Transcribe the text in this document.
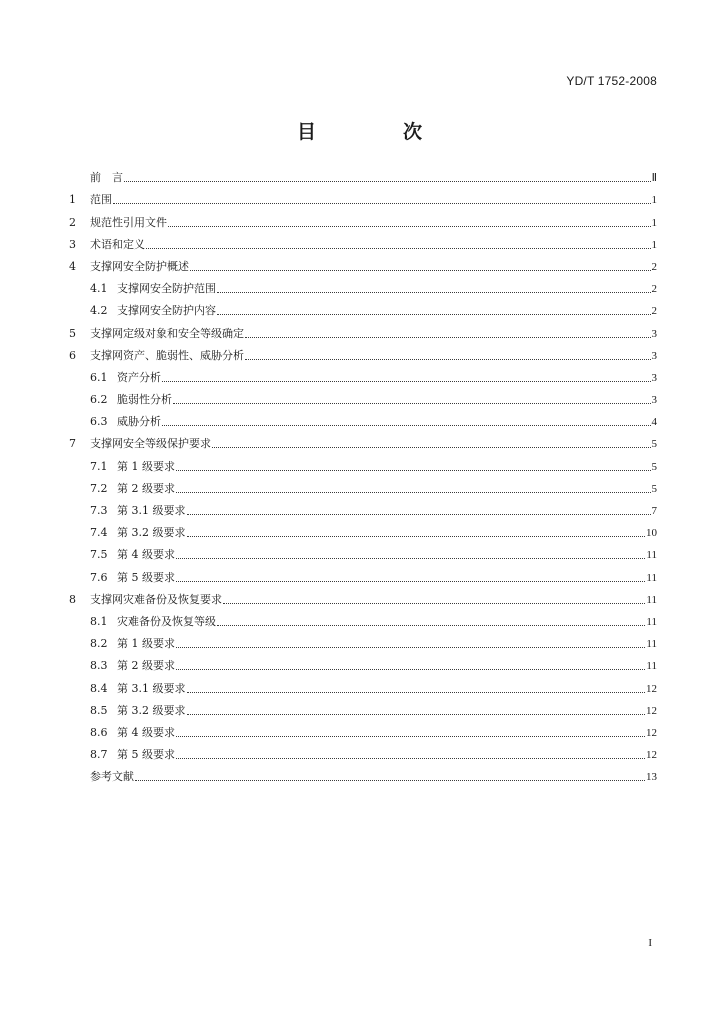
YD/T 1752-2008
目　次
前　言	Ⅱ
1	范围	1
2	规范性引用文件	1
3	术语和定义	1
4	支撑网安全防护概述	2
4.1 支撑网安全防护范围	2
4.2 支撑网安全防护内容	2
5	支撑网定级对象和安全等级确定	3
6	支撑网资产、脆弱性、威胁分析	3
6.1 资产分析	3
6.2 脆弱性分析	3
6.3 威胁分析	4
7	支撑网安全等级保护要求	5
7.1 第 1 级要求	5
7.2 第 2 级要求	5
7.3 第 3.1 级要求	7
7.4 第 3.2 级要求	10
7.5 第 4 级要求	11
7.6 第 5 级要求	11
8	支撑网灾难备份及恢复要求	11
8.1 灾难备份及恢复等级	11
8.2 第 1 级要求	11
8.3 第 2 级要求	11
8.4 第 3.1 级要求	12
8.5 第 3.2 级要求	12
8.6 第 4 级要求	12
8.7 第 5 级要求	12
参考文献	13
I
